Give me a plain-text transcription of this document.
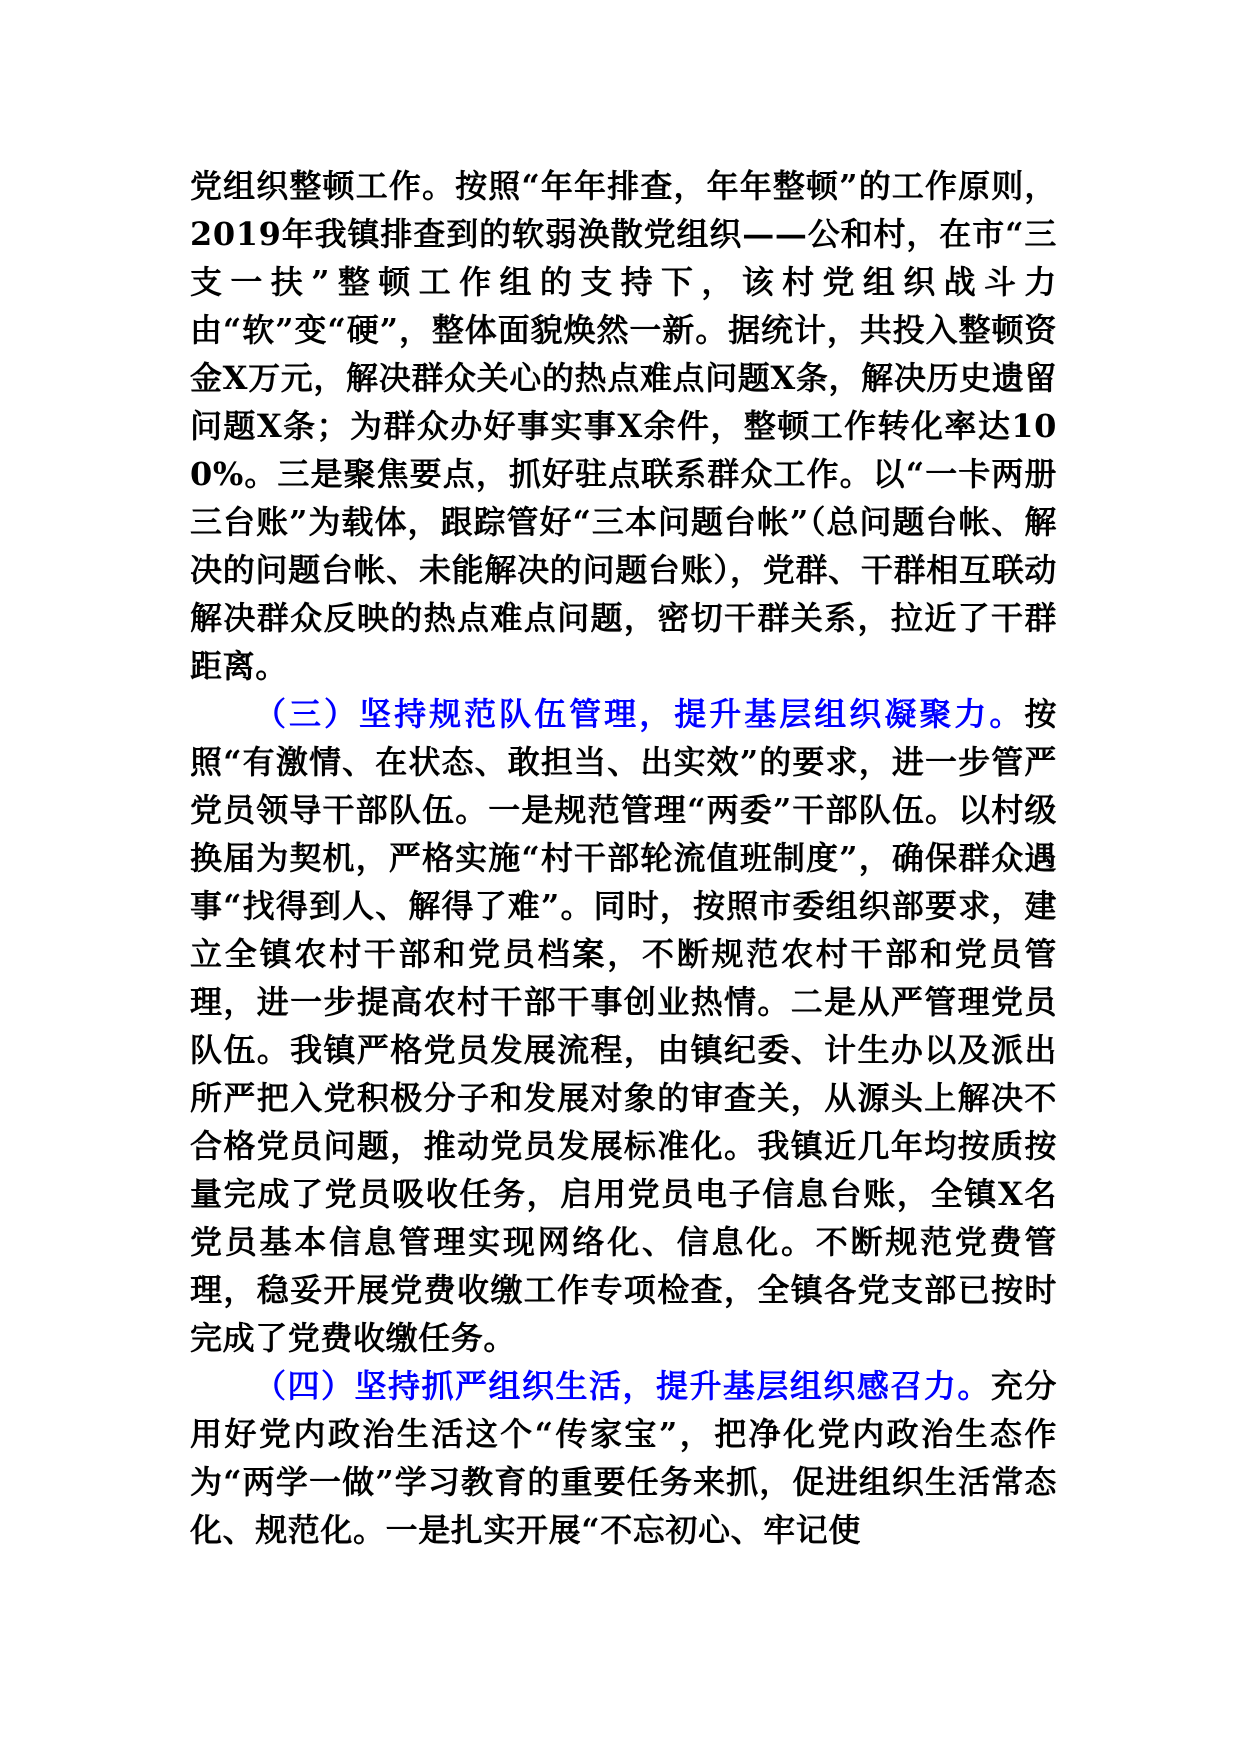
党组织整顿工作。按照“年年排查，年年整顿”的工作原则，2019年我镇排查到的软弱涣散党组织——公和村，在市“三支一扶”整顿工作组的支持下，该村党组织战斗力由“软”变“硬”，整体面貌焕然一新。据统计，共投入整顿资金X万元，解决群众关心的热点难点问题X条，解决历史遗留问题X条；为群众办好事实事X余件，整顿工作转化率达100%。三是聚焦要点，抓好驻点联系群众工作。以“一卡两册三台账”为载体，跟踪管好“三本问题台帐”（总问题台帐、解决的问题台帐、未能解决的问题台账），党群、干群相互联动解决群众反映的热点难点问题，密切干群关系，拉近了干群距离。

（三）坚持规范队伍管理，提升基层组织凝聚力。按照“有激情、在状态、敢担当、出实效”的要求，进一步管严党员领导干部队伍。一是规范管理“两委”干部队伍。以村级换届为契机，严格实施“村干部轮流值班制度”，确保群众遇事“找得到人、解得了难”。同时，按照市委组织部要求，建立全镇农村干部和党员档案，不断规范农村干部和党员管理，进一步提高农村干部干事创业热情。二是从严管理党员队伍。我镇严格党员发展流程，由镇纪委、计生办以及派出所严把入党积极分子和发展对象的审查关，从源头上解决不合格党员问题，推动党员发展标准化。我镇近几年均按质按量完成了党员吸收任务，启用党员电子信息台账，全镇X名党员基本信息管理实现网络化、信息化。不断规范党费管理，稳妥开展党费收缴工作专项检查，全镇各党支部已按时完成了党费收缴任务。

（四）坚持抓严组织生活，提升基层组织感召力。充分用好党内政治生活这个“传家宝”，把净化党内政治生态作为“两学一做”学习教育的重要任务来抓，促进组织生活常态化、规范化。一是扎实开展“不忘初心、牢记使
